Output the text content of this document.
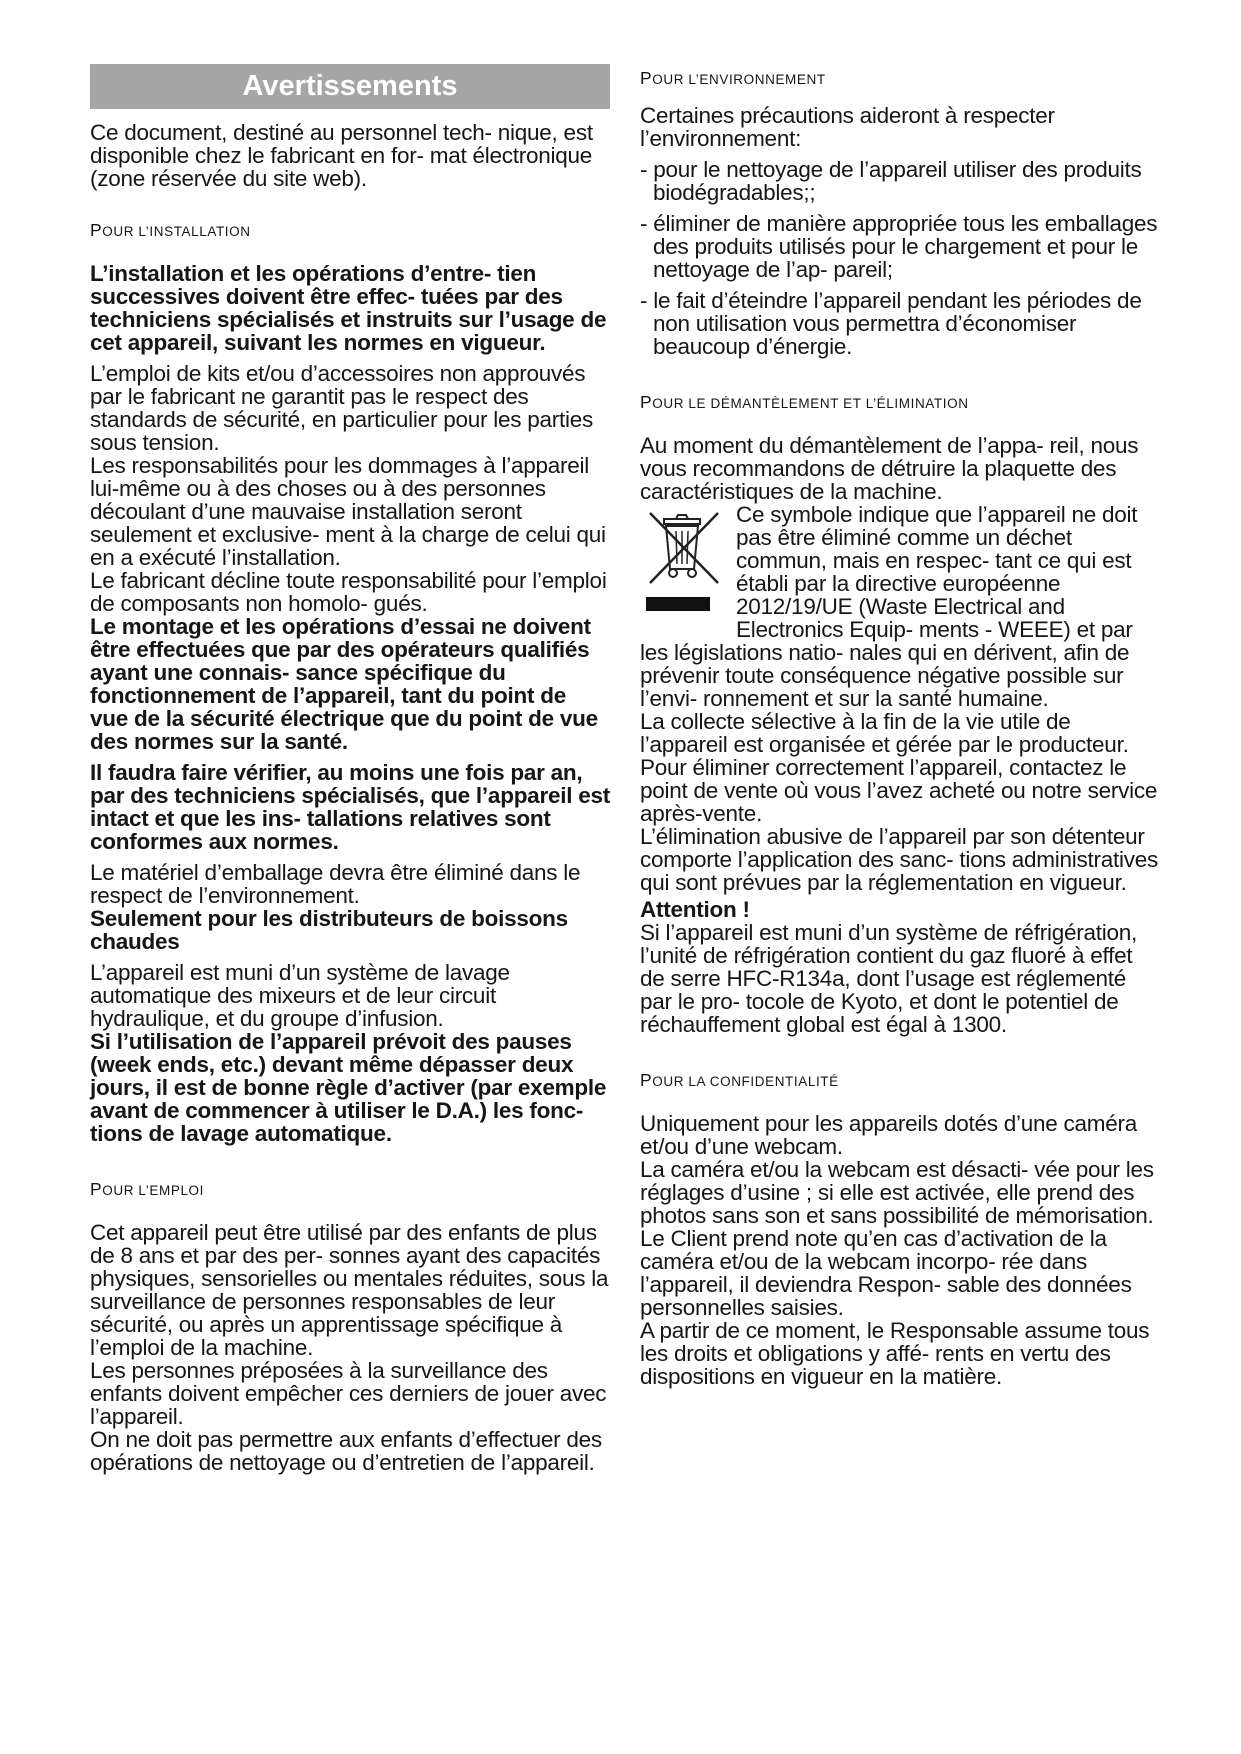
Avertissements

Ce document, destiné au personnel tech- nique, est disponible chez le fabricant en for- mat électronique (zone réservée du site web).

POUR L’INSTALLATION

L’installation et les opérations d’entre- tien successives doivent être effec- tuées par des techniciens spécialisés et instruits sur l’usage de cet appareil, suivant les normes en vigueur.

L’emploi de kits et/ou d’accessoires non approuvés par le fabricant ne garantit pas le respect des standards de sécurité, en particulier pour les parties sous tension.

Les responsabilités pour les dommages à l’appareil lui-même ou à des choses ou à des personnes découlant d’une mauvaise installation seront seulement et exclusive- ment à la charge de celui qui en a exécuté l’installation.

Le fabricant décline toute responsabilité pour l’emploi de composants non homolo- gués.

Le montage et les opérations d’essai ne doivent être effectuées que par des opérateurs qualifiés ayant une connais- sance spécifique du fonctionnement de l’appareil, tant du point de vue de la sécurité électrique que du point de vue des normes sur la santé.

Il faudra faire vérifier, au moins une fois par an, par des techniciens spécialisés, que l’appareil est intact et que les ins- tallations relatives sont conformes aux normes.

Le matériel d’emballage devra être éliminé dans le respect de l’environnement.

Seulement pour les distributeurs de boissons chaudes

L’appareil est muni d’un système de lavage automatique des mixeurs et de leur circuit hydraulique, et du groupe d’infusion.

Si l’utilisation de l’appareil prévoit des pauses (week ends, etc.) devant même dépasser deux jours, il est de bonne règle d’activer (par exemple avant de commencer à utiliser le D.A.) les fonc- tions de lavage automatique.

POUR L’EMPLOI

Cet appareil peut être utilisé par des enfants de plus de 8 ans et par des per- sonnes ayant des capacités physiques, sensorielles ou mentales réduites, sous la surveillance de personnes responsables de leur sécurité, ou après un apprentissage spécifique à l’emploi de la machine.

Les personnes préposées à la surveillance des enfants doivent empêcher ces derniers de jouer avec l’appareil.

On ne doit pas permettre aux enfants d’effectuer des opérations de nettoyage ou d’entretien de l’appareil.

POUR L’ENVIRONNEMENT

Certaines précautions aideront à respecter l’environnement:

- pour le nettoyage de l’appareil utiliser des produits biodégradables;;

- éliminer de manière appropriée tous les emballages des produits utilisés pour le chargement et pour le nettoyage de l’ap- pareil;

- le fait d’éteindre l’appareil pendant les périodes de non utilisation vous permettra d’économiser beaucoup d’énergie.

POUR LE DÉMANTÈLEMENT ET L’ÉLIMINATION

Au moment du démantèlement de l’appa- reil, nous vous recommandons de détruire la plaquette des caractéristiques de la machine.

Ce symbole indique que l’appareil ne doit pas être éliminé comme un déchet commun, mais en respec- tant ce qui est établi par la directive européenne 2012/19/UE (Waste Electrical and Electronics Equip- ments - WEEE) et par les législations natio- nales qui en dérivent, afin de prévenir toute conséquence négative possible sur l’envi- ronnement et sur la santé humaine.

La collecte sélective à la fin de la vie utile de l’appareil est organisée et gérée par le producteur.

Pour éliminer correctement l’appareil, contactez le point de vente où vous l’avez acheté ou notre service après-vente.

L’élimination abusive de l’appareil par son détenteur comporte l’application des sanc- tions administratives qui sont prévues par la réglementation en vigueur.

Attention !

Si l’appareil est muni d’un système de réfrigération, l’unité de réfrigération contient du gaz fluoré à effet de serre HFC-R134a, dont l’usage est réglementé par le pro- tocole de Kyoto, et dont le potentiel de réchauffement global est égal à 1300.

POUR LA CONFIDENTIALITÉ

Uniquement pour les appareils dotés d’une caméra et/ou d’une webcam.

La caméra et/ou la webcam est désacti- vée pour les réglages d’usine ; si elle est activée, elle prend des photos sans son et sans possibilité de mémorisation.

Le Client prend note qu’en cas d’activation de la caméra et/ou de la webcam incorpo- rée dans l’appareil, il deviendra Respon- sable des données personnelles saisies.

A partir de ce moment, le Responsable assume tous les droits et obligations y affé- rents en vertu des dispositions en vigueur en la matière.
